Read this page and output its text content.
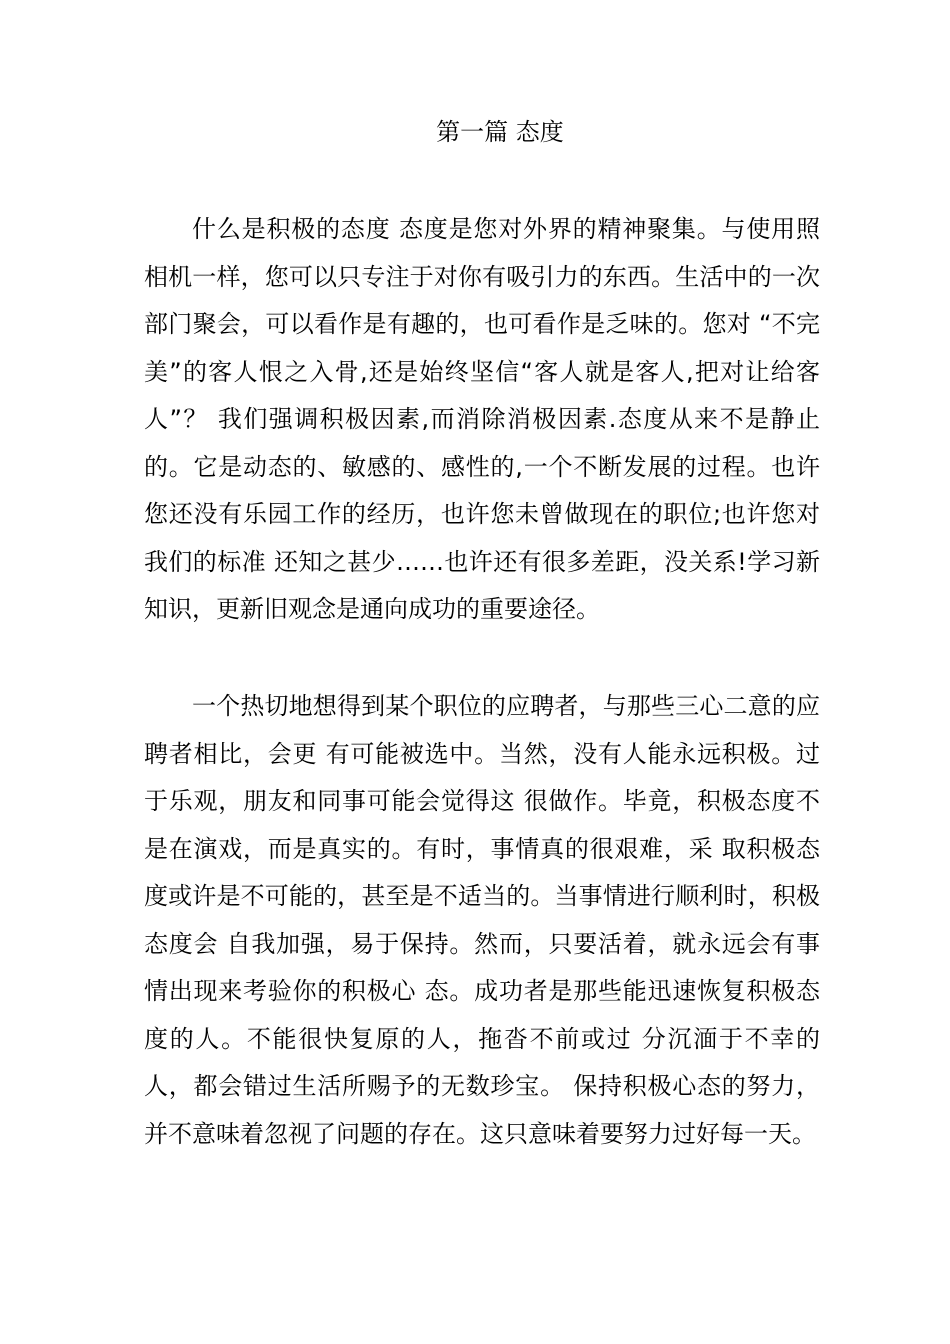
第一篇 态度

什么是积极的态度 态度是您对外界的精神聚集。与使用照相机一样，您可以只专注于对你有吸引力的东西。生活中的一次部门聚会，可以看作是有趣的，也可看作是乏味的。您对 “不完美”的客人恨之入骨,还是始终坚信“客人就是客人,把对让给客人”？ 我们强调积极因素,而消除消极因素.态度从来不是静止的。它是动态的、敏感的、感性的,一个不断发展的过程。也许您还没有乐园工作的经历，也许您未曾做现在的职位;也许您对我们的标准 还知之甚少……也许还有很多差距，没关系!学习新知识，更新旧观念是通向成功的重要途径。

一个热切地想得到某个职位的应聘者，与那些三心二意的应聘者相比，会更 有可能被选中。当然，没有人能永远积极。过于乐观，朋友和同事可能会觉得这 很做作。毕竟，积极态度不是在演戏，而是真实的。有时，事情真的很艰难，采 取积极态度或许是不可能的，甚至是不适当的。当事情进行顺利时，积极态度会 自我加强，易于保持。然而，只要活着，就永远会有事情出现来考验你的积极心 态。成功者是那些能迅速恢复积极态度的人。不能很快复原的人，拖沓不前或过 分沉湎于不幸的人，都会错过生活所赐予的无数珍宝。 保持积极心态的努力，并不意味着忽视了问题的存在。这只意味着要努力过好每一天。
